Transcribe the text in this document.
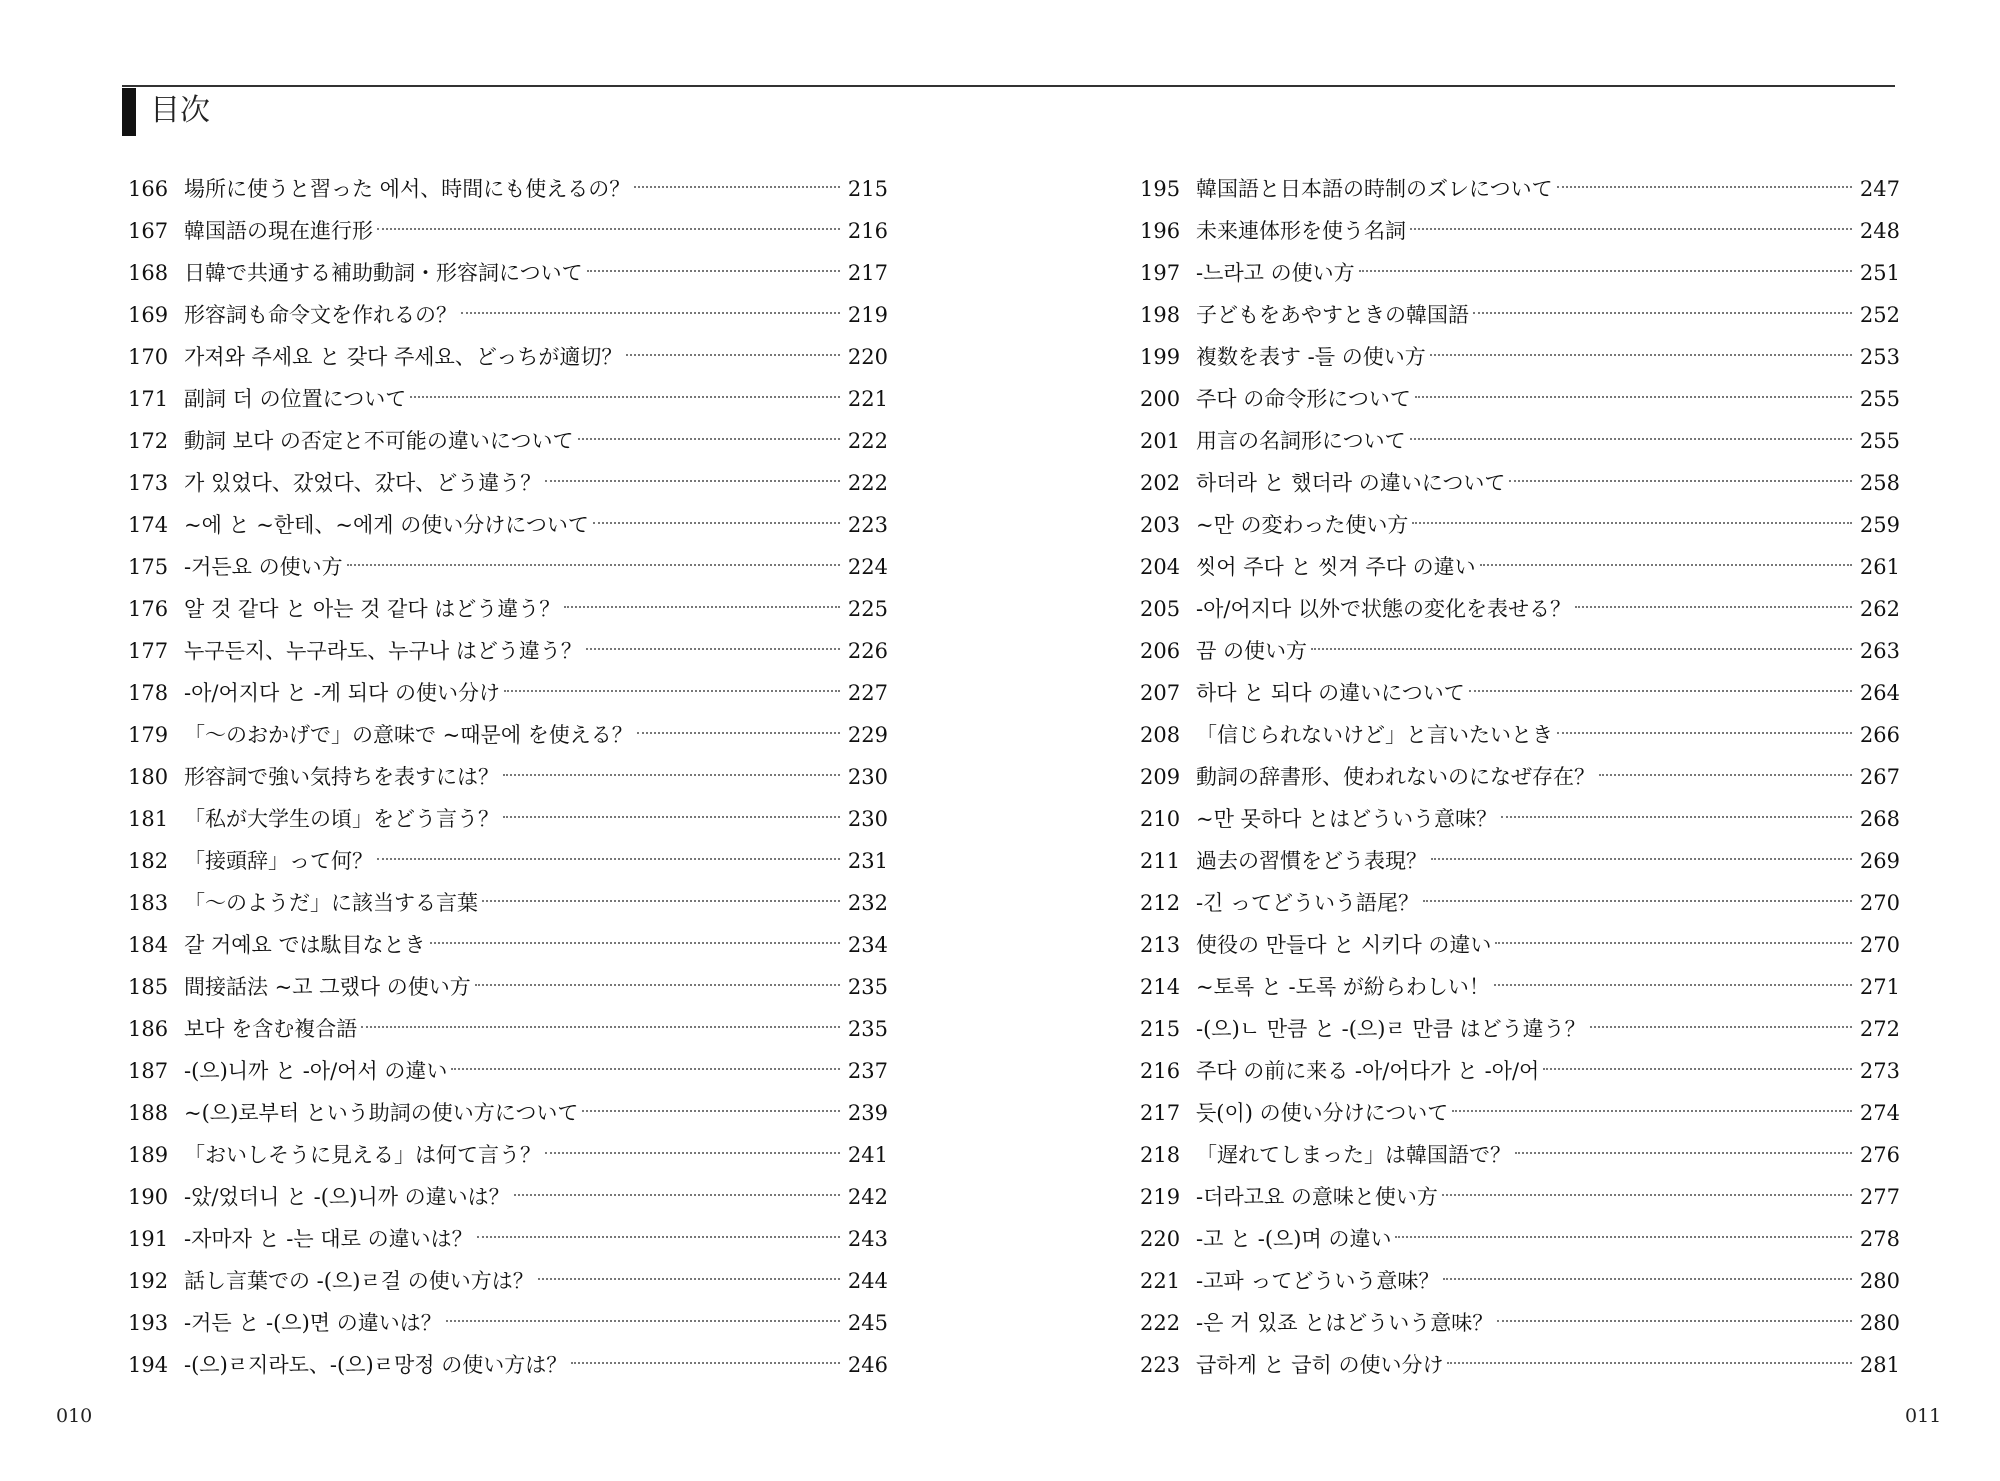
目次
166 場所に使うと習った 에서、時間にも使えるの？	215
167 韓国語の現在進行形	216
168 日韓で共通する補助動詞・形容詞について	217
169 形容詞も命令文を作れるの？	219
170 가져와 주세요 と 갖다 주세요、どっちが適切？	220
171 副詞 더 の位置について	221
172 動詞 보다 の否定と不可能の違いについて	222
173 가 있었다、갔었다、갔다、どう違う？	222
174 ~에 と ~한테、~에게 の使い分けについて	223
175 -거든요 の使い方	224
176 알 것 같다 と 아는 것 같다 はどう違う？	225
177 누구든지、누구라도、누구나 はどう違う？	226
178 -아/어지다 と -게 되다 の使い分け	227
179 「〜のおかげで」の意味で ~때문에 を使える？	229
180 形容詞で強い気持ちを表すには？	230
181 「私が大学生の頃」をどう言う？	230
182 「接頭辞」って何？	231
183 「〜のようだ」に該当する言葉	232
184 갈 거예요 では駄目なとき	234
185 間接話法 ~고 그랬다 の使い方	235
186 보다 を含む複合語	235
187 -(으)니까 と -아/어서 の違い	237
188 ~(으)로부터 という助詞の使い方について	239
189 「おいしそうに見える」は何て言う？	241
190 -았/었더니 と -(으)니까 の違いは？	242
191 -자마자 と -는 대로 の違いは？	243
192 話し言葉での -(으)ㄹ걸 の使い方は？	244
193 -거든 と -(으)면 の違いは？	245
194 -(으)ㄹ지라도、-(으)ㄹ망정 の使い方は？	246
195 韓国語と日本語の時制のズレについて	247
196 未来連体形を使う名詞	248
197 -느라고 の使い方	251
198 子どもをあやすときの韓国語	252
199 複数を表す -들 の使い方	253
200 주다 の命令形について	255
201 用言の名詞形について	255
202 하더라 と 했더라 の違いについて	258
203 ~만 の変わった使い方	259
204 씻어 주다 と 씻겨 주다 の違い	261
205 -아/어지다 以外で状態の変化を表せる？	262
206 끔 の使い方	263
207 하다 と 되다 の違いについて	264
208 「信じられないけど」と言いたいとき	266
209 動詞の辞書形、使われないのになぜ存在？	267
210 ~만 못하다 とはどういう意味？	268
211 過去の習慣をどう表現？	269
212 -긴 ってどういう語尾？	270
213 使役の 만들다 と 시키다 の違い	270
214 ~토록 と -도록 が紛らわしい！	271
215 -(으)ㄴ 만큼 と -(으)ㄹ 만큼 はどう違う？	272
216 주다 の前に来る -아/어다가 と -아/어	273
217 듯(이) の使い分けについて	274
218 「遅れてしまった」は韓国語で？	276
219 -더라고요 の意味と使い方	277
220 -고 と -(으)며 の違い	278
221 -고파 ってどういう意味？	280
222 -은 거 있죠 とはどういう意味？	280
223 급하게 と 급히 の使い分け	281
010	011
